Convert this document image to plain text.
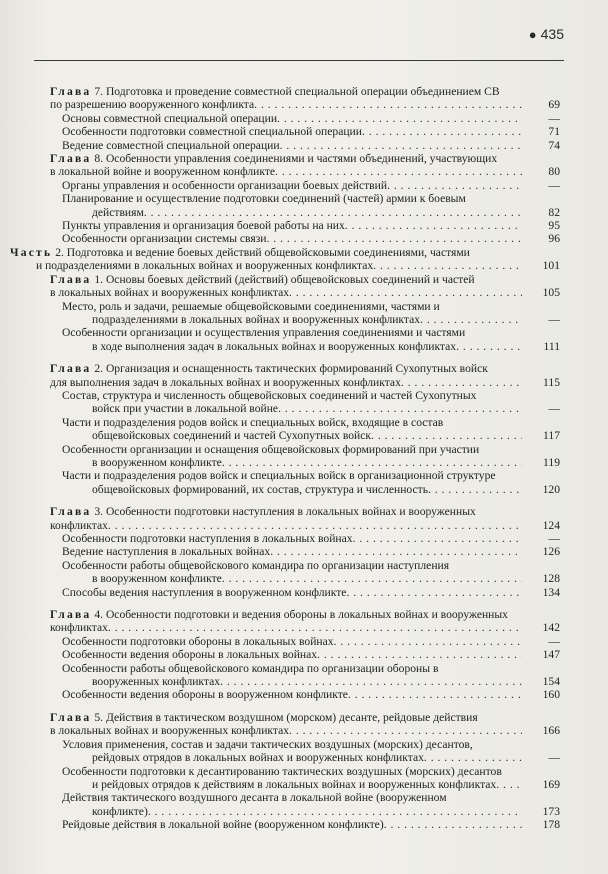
● 435
Глава 7. Подготовка и проведение совместной специальной операции объединением СВ
по разрешению вооруженного конфликта . . .	69
Основы совместной специальной операции . . .	—
Особенности подготовки совместной специальной операции . . .	71
Ведение совместной специальной операции . . .	74
Глава 8. Особенности управления соединениями и частями объединений, участвующих
в локальной войне и вооруженном конфликте . . .	80
Органы управления и особенности организации боевых действий . . .	—
Планирование и осуществление подготовки соединений (частей) армии к боевым
действиям . . .	82
Пункты управления и организация боевой работы на них . . .	95
Особенности организации системы связи . . .	96
Часть 2. Подготовка и ведение боевых действий общевойсковыми соединениями, частями
и подразделениями в локальных войнах и вооруженных конфликтах . . .	101
Глава 1. Основы боевых действий (действий) общевойсковых соединений и частей
в локальных войнах и вооруженных конфликтах . . .	105
Место, роль и задачи, решаемые общевойсковыми соединениями, частями и
подразделениями в локальных войнах и вооруженных конфликтах . . .	—
Особенности организации и осуществления управления соединениями и частями
в ходе выполнения задач в локальных войнах и вооруженных конфликтах . . .	111
Глава 2. Организация и оснащенность тактических формирований Сухопутных войск
для выполнения задач в локальных войнах и вооруженных конфликтах . . .	115
Состав, структура и численность общевойсковых соединений и частей Сухопутных
войск при участии в локальной войне . . .	—
Части и подразделения родов войск и специальных войск, входящие в состав
общевойсковых соединений и частей Сухопутных войск . . .	117
Особенности организации и оснащения общевойсковых формирований при участии
в вооруженном конфликте . . .	119
Части и подразделения родов войск и специальных войск в организационной структуре
общевойсковых формирований, их состав, структура и численность . . .	120
Глава 3. Особенности подготовки наступления в локальных войнах и вооруженных
конфликтах . . .	124
Особенности подготовки наступления в локальных войнах . . .	—
Ведение наступления в локальных войнах . . .	126
Особенности работы общевойскового командира по организации наступления
в вооруженном конфликте . . .	128
Способы ведения наступления в вооруженном конфликте . . .	134
Глава 4. Особенности подготовки и ведения обороны в локальных войнах и вооруженных
конфликтах . . .	142
Особенности подготовки обороны в локальных войнах . . .	—
Особенности ведения обороны в локальных войнах . . .	147
Особенности работы общевойскового командира по организации обороны в
вооруженных конфликтах . . .	154
Особенности ведения обороны в вооруженном конфликте . . .	160
Глава 5. Действия в тактическом воздушном (морском) десанте, рейдовые действия
в локальных войнах и вооруженных конфликтах . . .	166
Условия применения, состав и задачи тактических воздушных (морских) десантов,
рейдовых отрядов в локальных войнах и вооруженных конфликтах . . .	—
Особенности подготовки к десантированию тактических воздушных (морских) десантов
и рейдовых отрядов к действиям в локальных войнах и вооруженных конфликтах . . .	169
Действия тактического воздушного десанта в локальной войне (вооруженном
конфликте) . . .	173
Рейдовые действия в локальной войне (вооруженном конфликте) . . .	178
